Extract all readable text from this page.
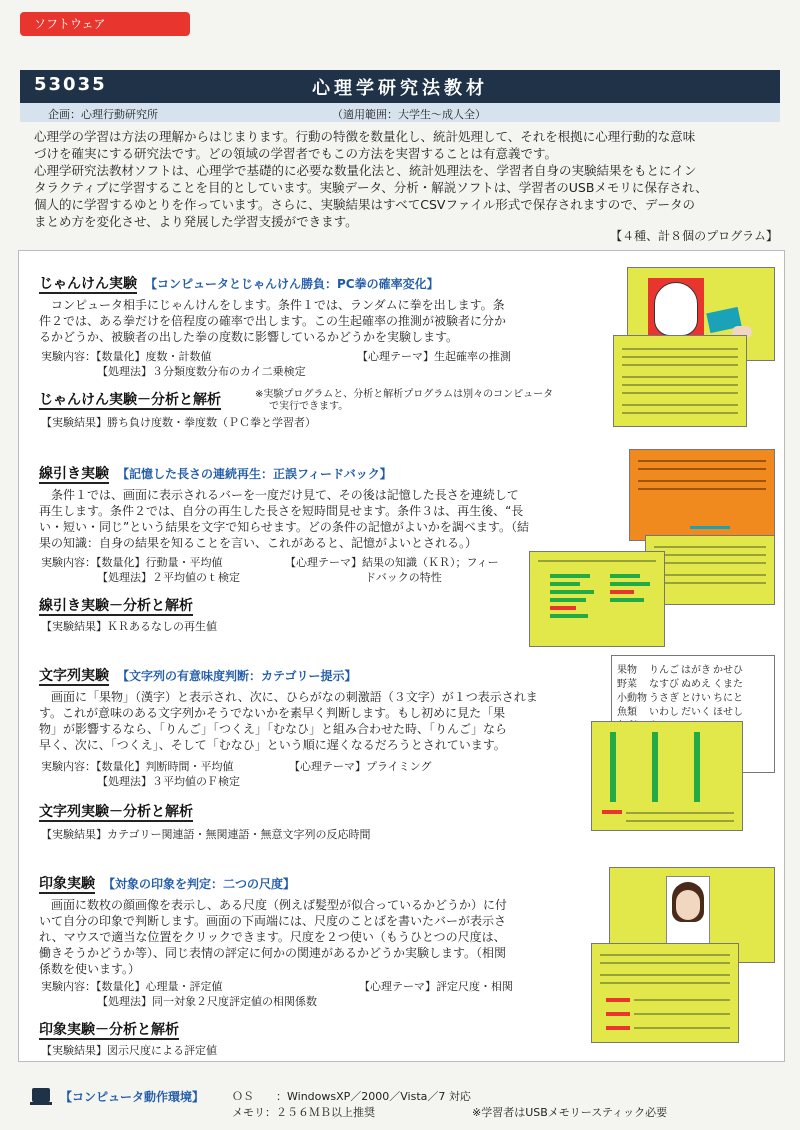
ソフトウェア
53035	心理学研究法教材
企画：心理行動研究所	（適用範囲：大学生～成人全）
心理学の学習は方法の理解からはじまります。行動の特徴を数量化し、統計処理して、それを根拠に心理行動的な意味
づけを確実にする研究法です。どの領域の学習者でもこの方法を実習することは有意義です。
心理学研究法教材ソフトは、心理学で基礎的に必要な数量化法と、統計処理法を、学習者自身の実験結果をもとにイン
タラクティブに学習することを目的としています。実験データ、分析・解説ソフトは、学習者のUSBメモリに保存され、
個人的に学習するゆとりを作っています。さらに、実験結果はすべてCSVファイル形式で保存されますので、データの
まとめ方を変化させ、より発展した学習支援ができます。
【４種、計８個のプログラム】
じゃんけん実験 【コンピュータとじゃんけん勝負：PC拳の確率変化】
　コンピュータ相手にじゃんけんをします。条件１では、ランダムに拳を出します。条
件２では、ある拳だけを倍程度の確率で出します。この生起確率の推測が被験者に分か
るかどうか、被験者の出した拳の度数に影響しているかどうかを実験します。
実験内容：【数量化】度数・計数値	【心理テーマ】生起確率の推測
【処理法】３分類度数分布のカイ二乗検定
じゃんけん実験－分析と解析	※実験プログラムと、分析と解析プログラムは別々のコンピュータ
で実行できます。
【実験結果】勝ち負け度数・拳度数（ＰＣ拳と学習者）
線引き実験 【記憶した長さの連続再生：正誤フィードバック】
　条件１では、画面に表示されるバーを一度だけ見て、その後は記憶した長さを連続して
再生します。条件２では、自分の再生した長さを短時間見せます。条件３は、再生後、“長
い・短い・同じ”という結果を文字で知らせます。どの条件の記憶がよいかを調べます。（結
果の知識：自身の結果を知ることを言い、これがあると、記憶がよいとされる。）
実験内容：【数量化】行動量・平均値	【心理テーマ】結果の知識（ＫＲ）；フィー
ドバックの特性
【処理法】２平均値のｔ検定
線引き実験－分析と解析
【実験結果】ＫＲあるなしの再生値
文字列実験 【文字列の有意味度判断：カテゴリー提示】
　画面に「果物」（漢字）と表示され、次に、ひらがなの刺激語（３文字）が１つ表示されま
す。これが意味のある文字列かそうでないかを素早く判断します。もし初めに見た「果
物」が影響するなら、「りんご」「つくえ」「むなひ」と組み合わせた時、「りんご」なら
早く、次に、「つくえ」、そして「むなひ」という順に遅くなるだろうとされています。
実験内容：【数量化】判断時間・平均値	【心理テーマ】プライミング
【処理法】３平均値のＦ検定
文字列実験－分析と解析
【実験結果】カテゴリー関連語・無関連語・無意文字列の反応時間
果物	りんご	はがき	かせひ
野菜	なすび	ぬめえ	くまた
小動物	うさぎ	とけい	ちにと
魚類	いわし	だいく	ほせし

印象実験 【対象の印象を判定：二つの尺度】
　画面に数枚の顔画像を表示し、ある尺度（例えば髪型が似合っているかどうか）に付
いて自分の印象で判断します。画面の下両端には、尺度のことばを書いたバーが表示さ
れ、マウスで適当な位置をクリックできます。尺度を２つ使い（もうひとつの尺度は、
働きそうかどうか等）、同じ表情の評定に何かの関連があるかどうか実験します。（相関
係数を使います。）
実験内容：【数量化】心理量・評定値	【心理テーマ】評定尺度・相関
【処理法】同一対象２尺度評定値の相関係数
印象実験－分析と解析
【実験結果】図示尺度による評定値
【コンピュータ動作環境】	ＯＳ　　：WindowsXP／2000／Vista／7 対応
メモリ：２５６ＭＢ以上推奨	※学習者はUSBメモリースティック必要
